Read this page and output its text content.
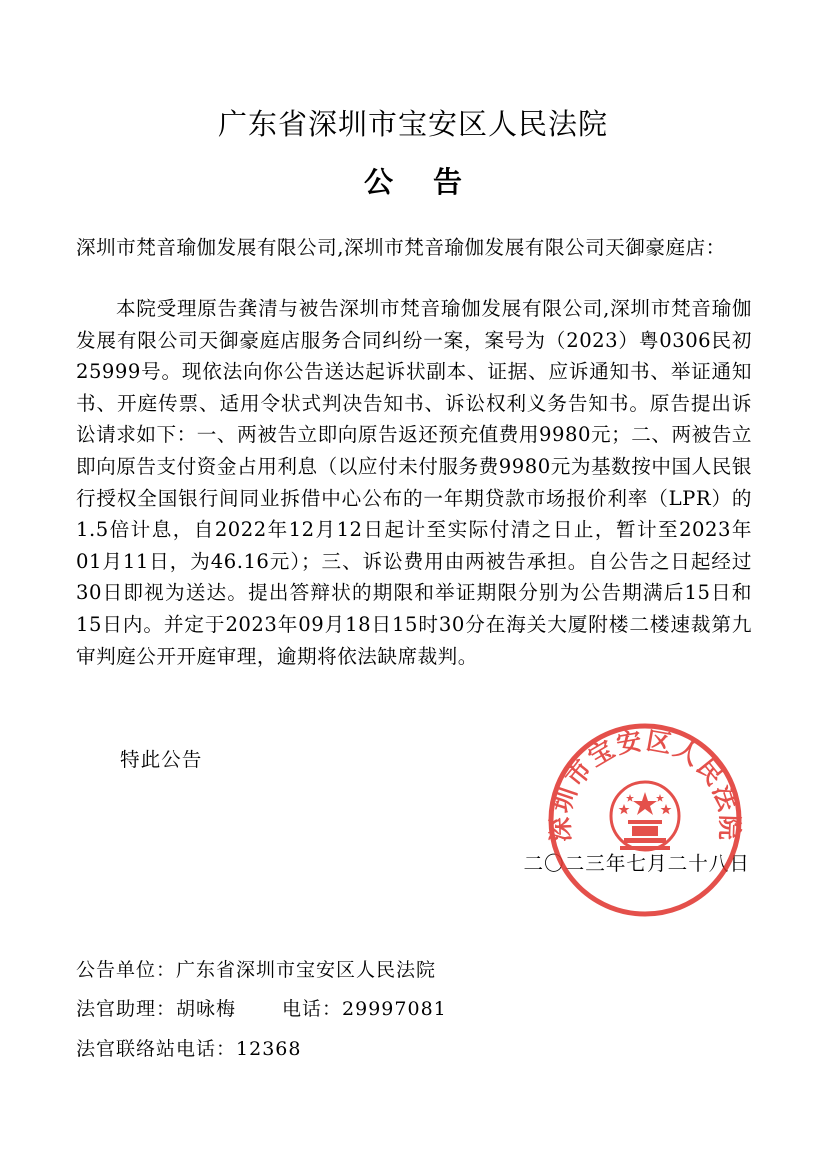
广东省深圳市宝安区人民法院
公 告
深圳市梵音瑜伽发展有限公司,深圳市梵音瑜伽发展有限公司天御豪庭店：
本院受理原告龚清与被告深圳市梵音瑜伽发展有限公司,深圳市梵音瑜伽发展有限公司天御豪庭店服务合同纠纷一案，案号为（2023）粤0306民初25999号。现依法向你公告送达起诉状副本、证据、应诉通知书、举证通知书、开庭传票、适用令状式判决告知书、诉讼权利义务告知书。原告提出诉讼请求如下：一、两被告立即向原告返还预充值费用9980元；二、两被告立即向原告支付资金占用利息（以应付未付服务费9980元为基数按中国人民银行授权全国银行间同业拆借中心公布的一年期贷款市场报价利率（LPR）的1.5倍计息，自2022年12月12日起计至实际付清之日止，暂计至2023年01月11日，为46.16元）；三、诉讼费用由两被告承担。自公告之日起经过30日即视为送达。提出答辩状的期限和举证期限分别为公告期满后15日和15日内。并定于2023年09月18日15时30分在海关大厦附楼二楼速裁第九审判庭公开开庭审理，逾期将依法缺席裁判。
特此公告
二〇二三年七月二十八日
深圳市宝安区人民法院
公告单位：广东省深圳市宝安区人民法院
法官助理：胡咏梅 电话：29997081
法官联络站电话：12368
